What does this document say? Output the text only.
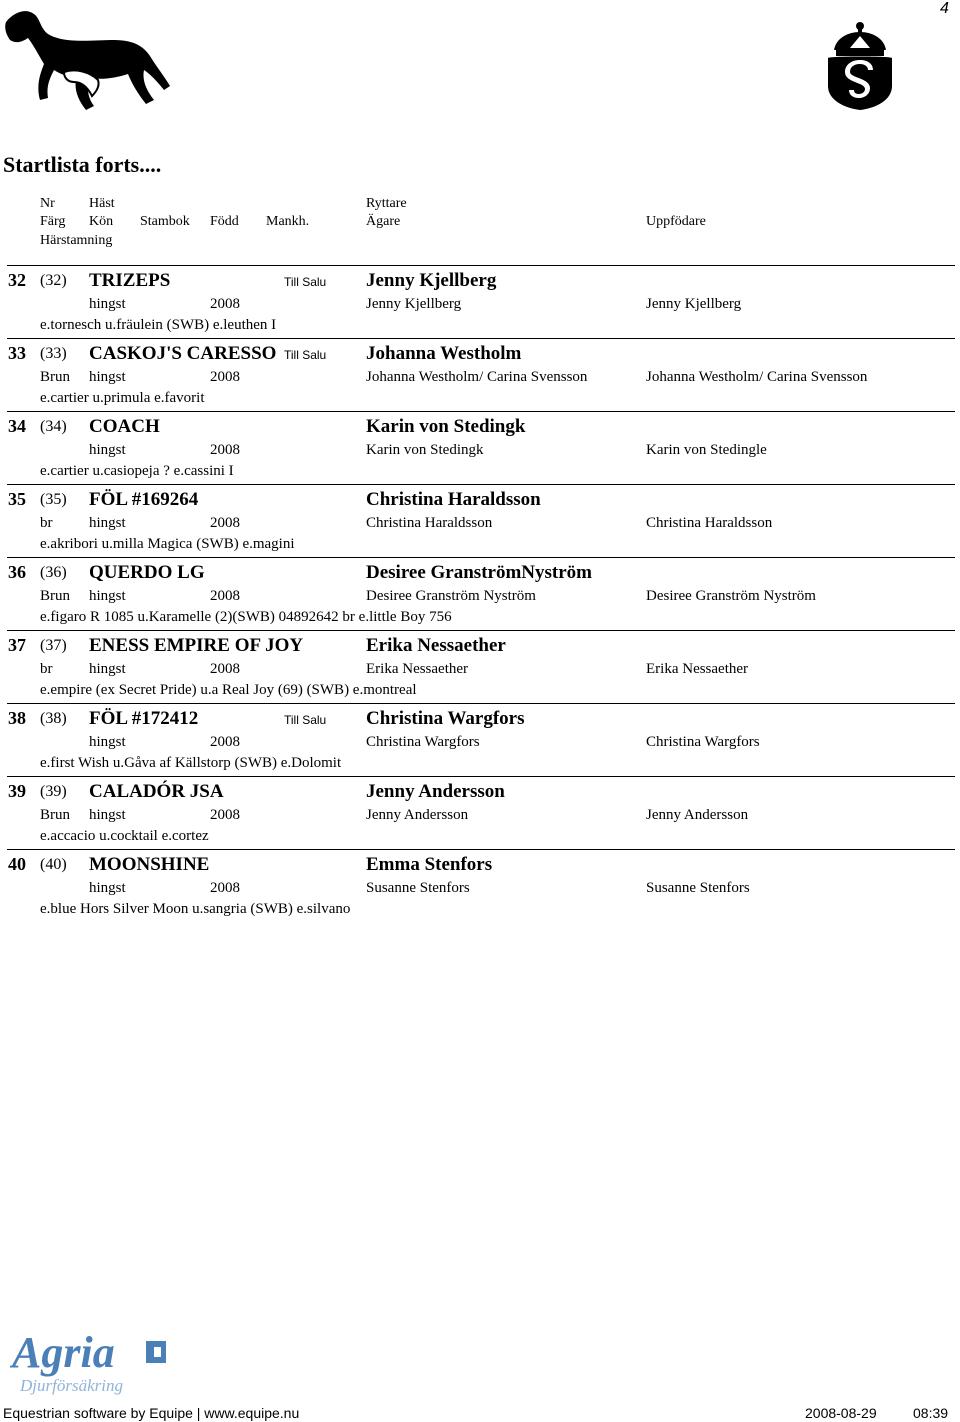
4
Startlista forts....
Nr Häst	Ryttare
Färg Kön Stambok Född Mankh.	Ägare	Uppfödare
Härstamning
32 (32) TRIZEPS	Till Salu Jenny Kjellberg
hingst	2008	Jenny Kjellberg	Jenny Kjellberg
e.tornesch u.fräulein (SWB) e.leuthen I
33 (33) CASKOJ'S CARESSO Till Salu Johanna Westholm
Brun hingst	2008	Johanna Westholm/ Carina Svensson	Johanna Westholm/ Carina Svensson
e.cartier u.primula e.favorit
34 (34) COACH	Karin von Stedingk
hingst	2008	Karin von Stedingk	Karin von Stedingle
e.cartier u.casiopeja ? e.cassini I
35 (35) FÖL #169264	Christina Haraldsson
br hingst	2008	Christina Haraldsson	Christina Haraldsson
e.akribori u.milla Magica (SWB) e.magini
36 (36) QUERDO LG	Desiree GranströmNyström
Brun hingst	2008	Desiree Granström Nyström	Desiree Granström Nyström
e.figaro R 1085 u.Karamelle (2)(SWB) 04892642 br e.little Boy 756
37 (37) ENESS EMPIRE OF JOY	Erika Nessaether
br hingst	2008	Erika Nessaether	Erika Nessaether
e.empire (ex Secret Pride) u.a Real Joy (69) (SWB) e.montreal
38 (38) FÖL #172412	Till Salu Christina Wargfors
hingst	2008	Christina Wargfors	Christina Wargfors
e.first Wish u.Gåva af Källstorp (SWB) e.Dolomit
39 (39) CALADÓR JSA	Jenny Andersson
Brun hingst	2008	Jenny Andersson	Jenny Andersson
e.accacio u.cocktail e.cortez
40 (40) MOONSHINE	Emma Stenfors
hingst	2008	Susanne Stenfors	Susanne Stenfors
e.blue Hors Silver Moon u.sangria (SWB) e.silvano
Agria
Djurförsäkring
Equestrian software by Equipe | www.equipe.nu	2008-08-29	08:39
